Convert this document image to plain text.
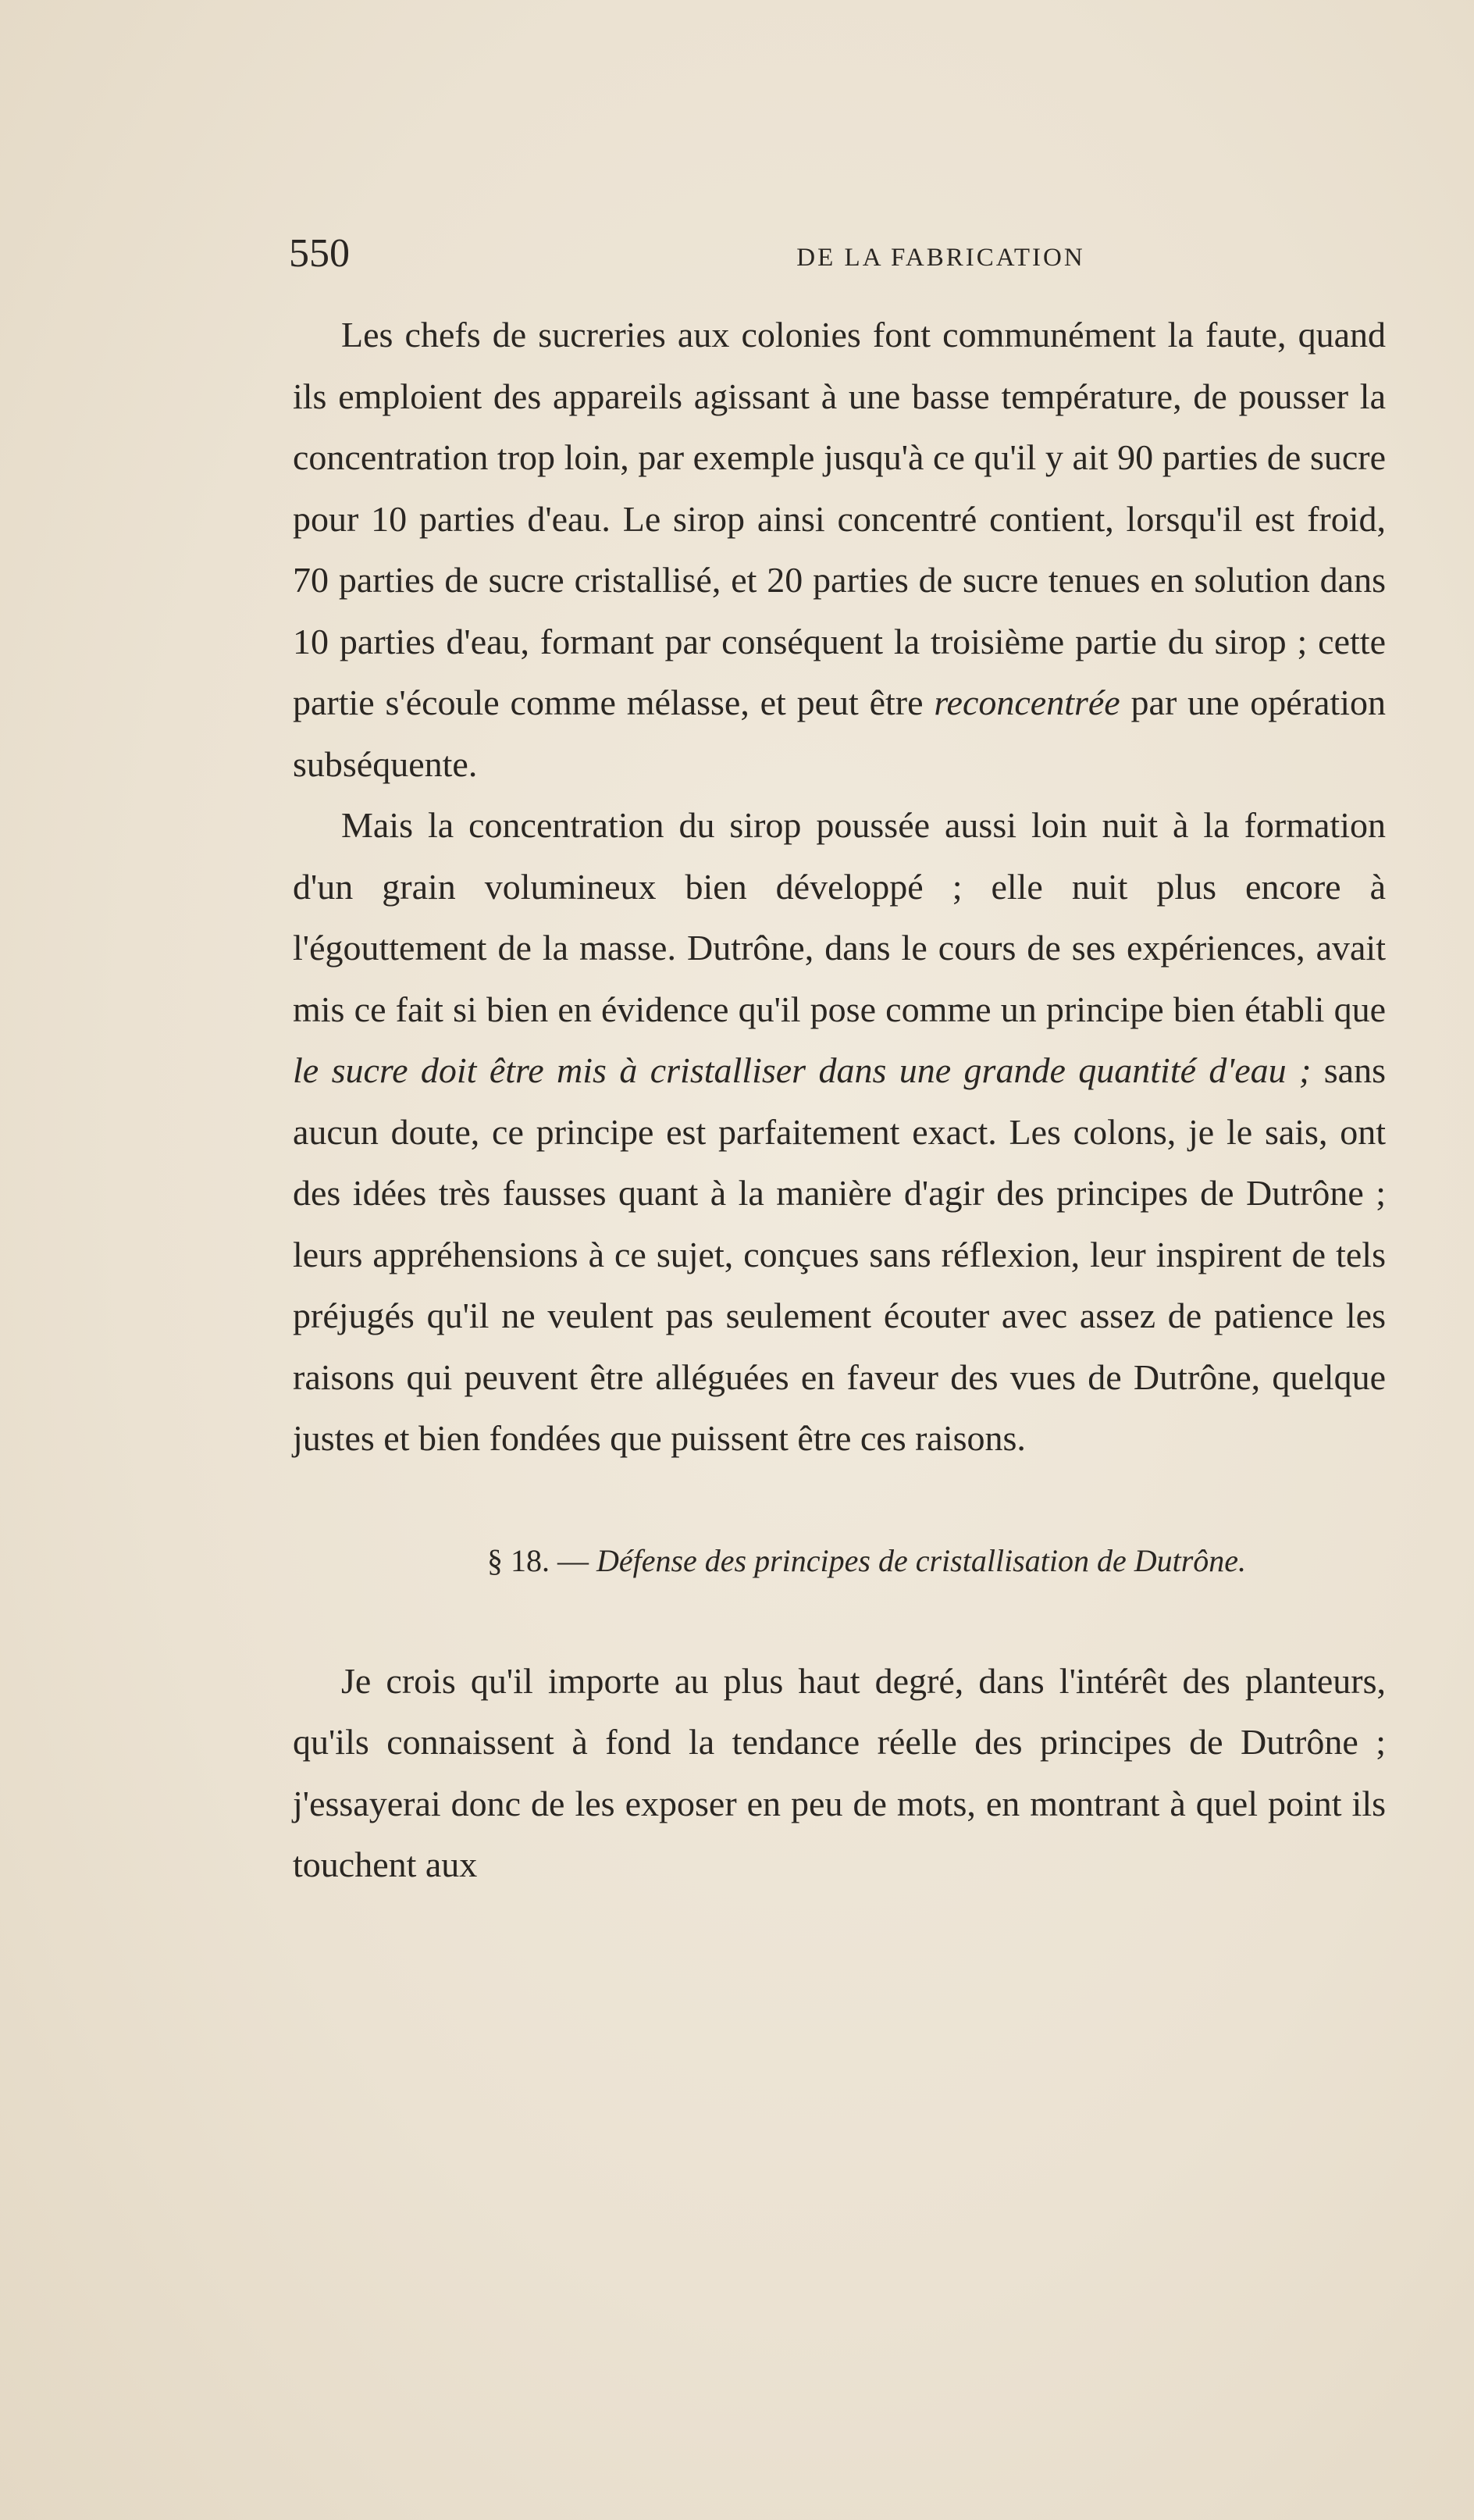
550	DE LA FABRICATION

Les chefs de sucreries aux colonies font communément la faute, quand ils emploient des appareils agissant à une basse température, de pousser la concentration trop loin, par exemple jusqu'à ce qu'il y ait 90 parties de sucre pour 10 parties d'eau. Le sirop ainsi concentré contient, lorsqu'il est froid, 70 parties de sucre cristallisé, et 20 parties de sucre tenues en solution dans 10 parties d'eau, formant par conséquent la troisième partie du sirop ; cette partie s'écoule comme mélasse, et peut être reconcentrée par une opération subséquente.

Mais la concentration du sirop poussée aussi loin nuit à la formation d'un grain volumineux bien développé ; elle nuit plus encore à l'égouttement de la masse. Dutrône, dans le cours de ses expériences, avait mis ce fait si bien en évidence qu'il pose comme un principe bien établi que le sucre doit être mis à cristalliser dans une grande quantité d'eau ; sans aucun doute, ce principe est parfaitement exact. Les colons, je le sais, ont des idées très fausses quant à la manière d'agir des principes de Dutrône ; leurs appréhensions à ce sujet, conçues sans réflexion, leur inspirent de tels préjugés qu'il ne veulent pas seulement écouter avec assez de patience les raisons qui peuvent être alléguées en faveur des vues de Dutrône, quelque justes et bien fondées que puissent être ces raisons.

§ 18. — Défense des principes de cristallisation de Dutrône.

Je crois qu'il importe au plus haut degré, dans l'intérêt des planteurs, qu'ils connaissent à fond la tendance réelle des principes de Dutrône ; j'essayerai donc de les exposer en peu de mots, en montrant à quel point ils touchent aux
